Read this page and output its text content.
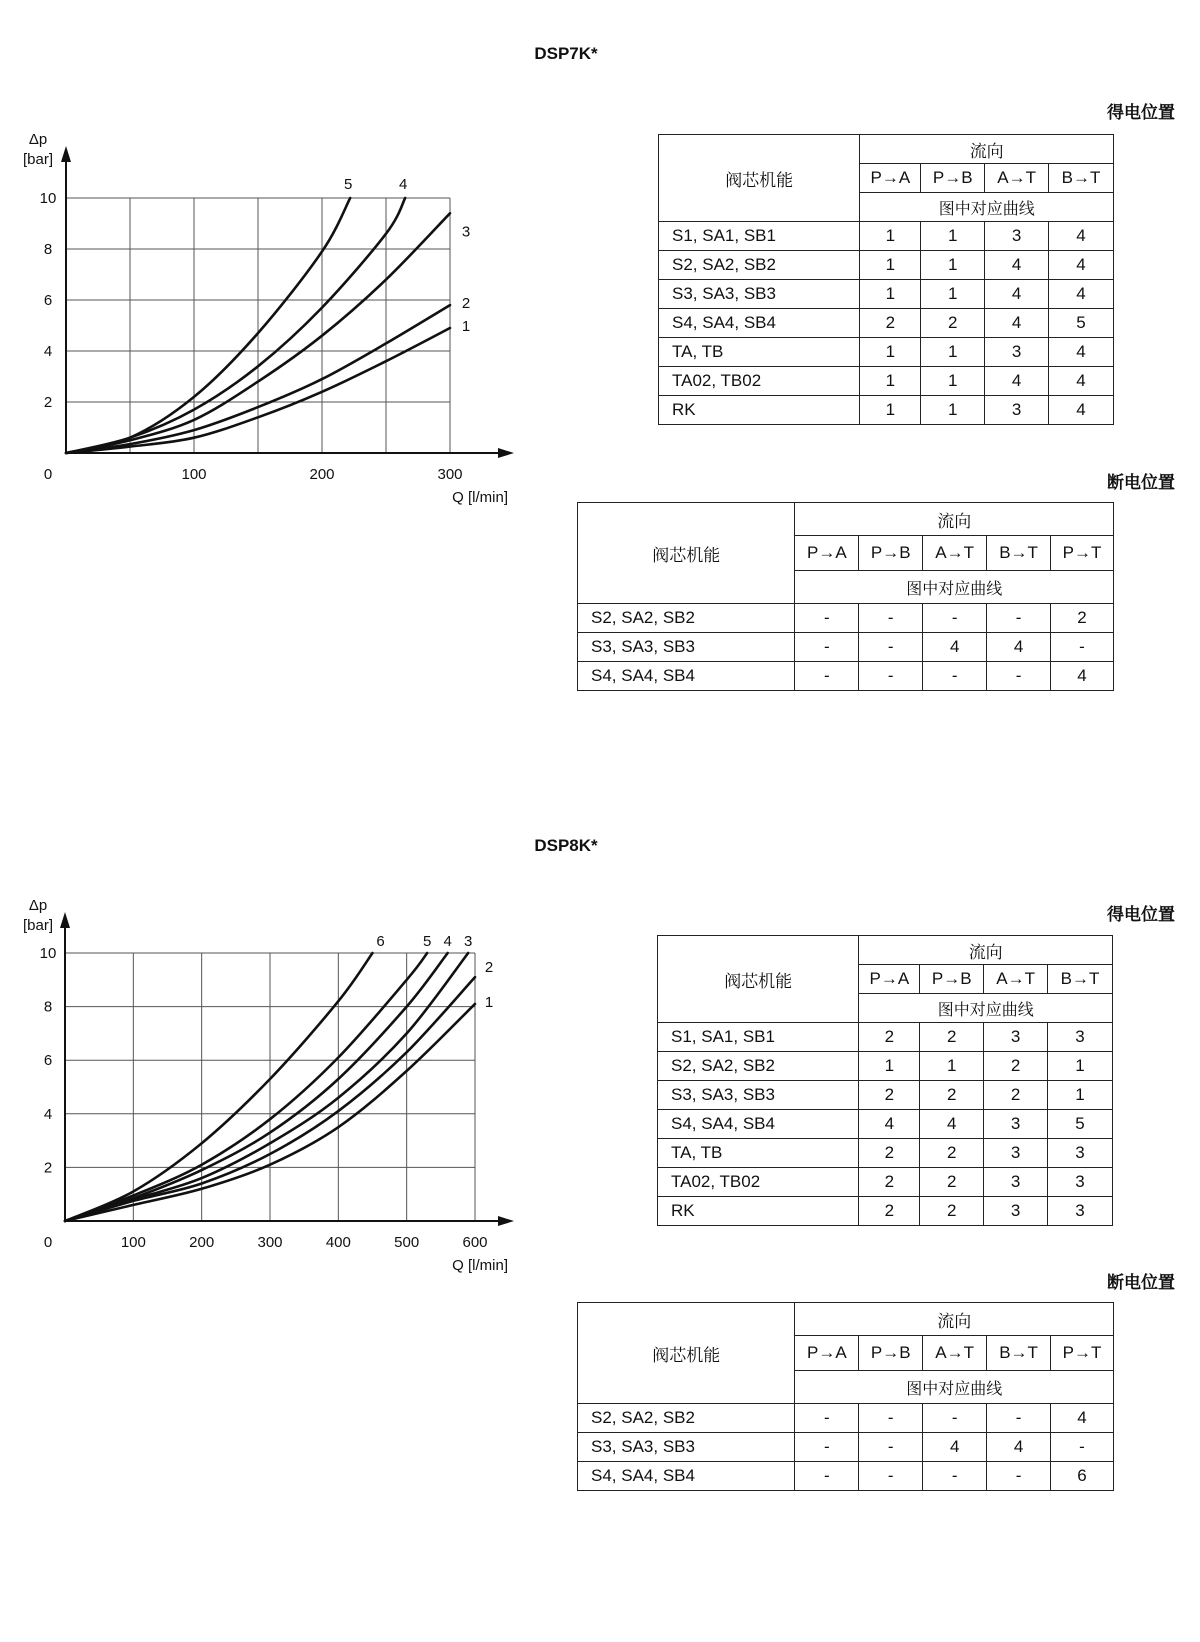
DSP7K*
得电位置
Δp
[bar]
2
4
6
8
10
0	100	200	300
Q [l/min]
1
2
3
4
5	阀芯机能	流向			
	P→A	P→B	A→T	B→T
	图中对应曲线			
S1, SA1, SB1	1	1	3	4
S2, SA2, SB2	1	1	4	4
S3, SA3, SB3	1	1	4	4
S4, SA4, SB4	2	2	4	5
TA, TB	1	1	3	4
TA02, TB02	1	1	4	4
RK	1	1	3	4
断电位置
阀芯机能	流向				
	P→A	P→B	A→T	B→T	P→T
	图中对应曲线				
S2, SA2, SB2	-	-	-	-	2
S3, SA3, SB3	-	-	4	4	-
S4, SA4, SB4	-	-	-	-	4
DSP8K*
得电位置
Δp
[bar]
2
4
6
8
10
0	100	200	300	400	500	600
Q [l/min]
1
2
3
4
5
6
阀芯机能	流向			
	P→A	P→B	A→T	B→T
	图中对应曲线			
S1, SA1, SB1	2	2	3	3
S2, SA2, SB2	1	1	2	1
S3, SA3, SB3	2	2	2	1
S4, SA4, SB4	4	4	3	5
TA, TB	2	2	3	3
TA02, TB02	2	2	3	3
RK	2	2	3	3
断电位置
阀芯机能	流向				
	P→A	P→B	A→T	B→T	P→T
	图中对应曲线				
S2, SA2, SB2	-	-	-	-	4
S3, SA3, SB3	-	-	4	4	-
S4, SA4, SB4	-	-	-	-	6
